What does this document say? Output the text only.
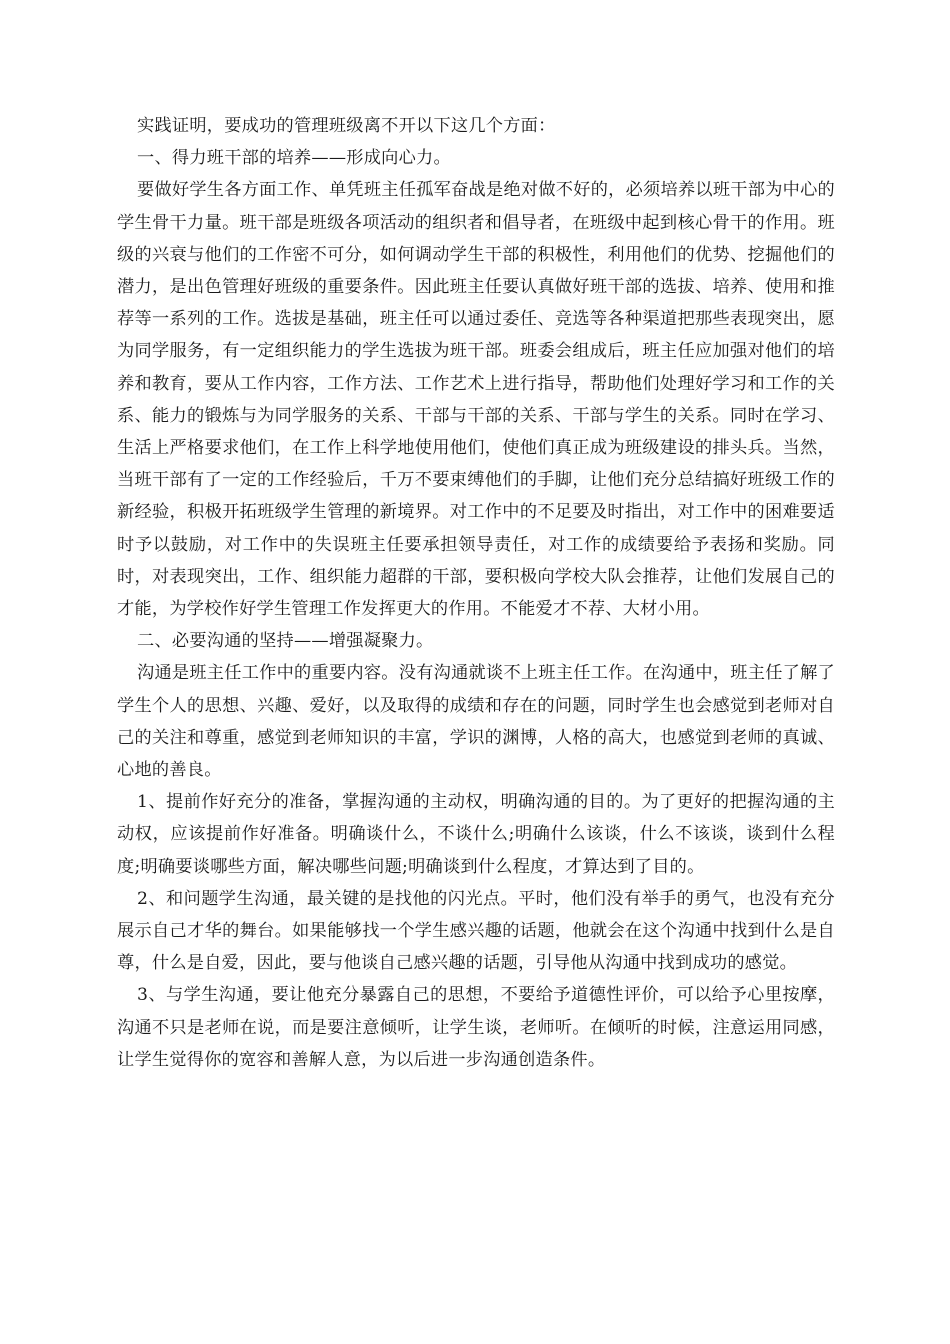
实践证明，要成功的管理班级离不开以下这几个方面：

一、得力班干部的培养——形成向心力。

要做好学生各方面工作、单凭班主任孤军奋战是绝对做不好的，必须培养以班干部为中心的学生骨干力量。班干部是班级各项活动的组织者和倡导者，在班级中起到核心骨干的作用。班级的兴衰与他们的工作密不可分，如何调动学生干部的积极性，利用他们的优势、挖掘他们的潜力，是出色管理好班级的重要条件。因此班主任要认真做好班干部的选拔、培养、使用和推荐等一系列的工作。选拔是基础，班主任可以通过委任、竞选等各种渠道把那些表现突出，愿为同学服务，有一定组织能力的学生选拔为班干部。班委会组成后，班主任应加强对他们的培养和教育，要从工作内容，工作方法、工作艺术上进行指导，帮助他们处理好学习和工作的关系、能力的锻炼与为同学服务的关系、干部与干部的关系、干部与学生的关系。同时在学习、生活上严格要求他们，在工作上科学地使用他们，使他们真正成为班级建设的排头兵。当然，当班干部有了一定的工作经验后，千万不要束缚他们的手脚，让他们充分总结搞好班级工作的新经验，积极开拓班级学生管理的新境界。对工作中的不足要及时指出，对工作中的困难要适时予以鼓励，对工作中的失误班主任要承担领导责任，对工作的成绩要给予表扬和奖励。同时，对表现突出，工作、组织能力超群的干部，要积极向学校大队会推荐，让他们发展自己的才能，为学校作好学生管理工作发挥更大的作用。不能爱才不荐、大材小用。

二、必要沟通的坚持——增强凝聚力。

沟通是班主任工作中的重要内容。没有沟通就谈不上班主任工作。在沟通中，班主任了解了学生个人的思想、兴趣、爱好，以及取得的成绩和存在的问题，同时学生也会感觉到老师对自己的关注和尊重，感觉到老师知识的丰富，学识的渊博，人格的高大，也感觉到老师的真诚、心地的善良。

1、提前作好充分的准备，掌握沟通的主动权，明确沟通的目的。为了更好的把握沟通的主动权，应该提前作好准备。明确谈什么，不谈什么;明确什么该谈，什么不该谈，谈到什么程度;明确要谈哪些方面，解决哪些问题;明确谈到什么程度，才算达到了目的。

2、和问题学生沟通，最关键的是找他的闪光点。平时，他们没有举手的勇气，也没有充分展示自己才华的舞台。如果能够找一个学生感兴趣的话题，他就会在这个沟通中找到什么是自尊，什么是自爱，因此，要与他谈自己感兴趣的话题，引导他从沟通中找到成功的感觉。

3、与学生沟通，要让他充分暴露自己的思想，不要给予道德性评价，可以给予心里按摩，沟通不只是老师在说，而是要注意倾听，让学生谈，老师听。在倾听的时候，注意运用同感，让学生觉得你的宽容和善解人意，为以后进一步沟通创造条件。
